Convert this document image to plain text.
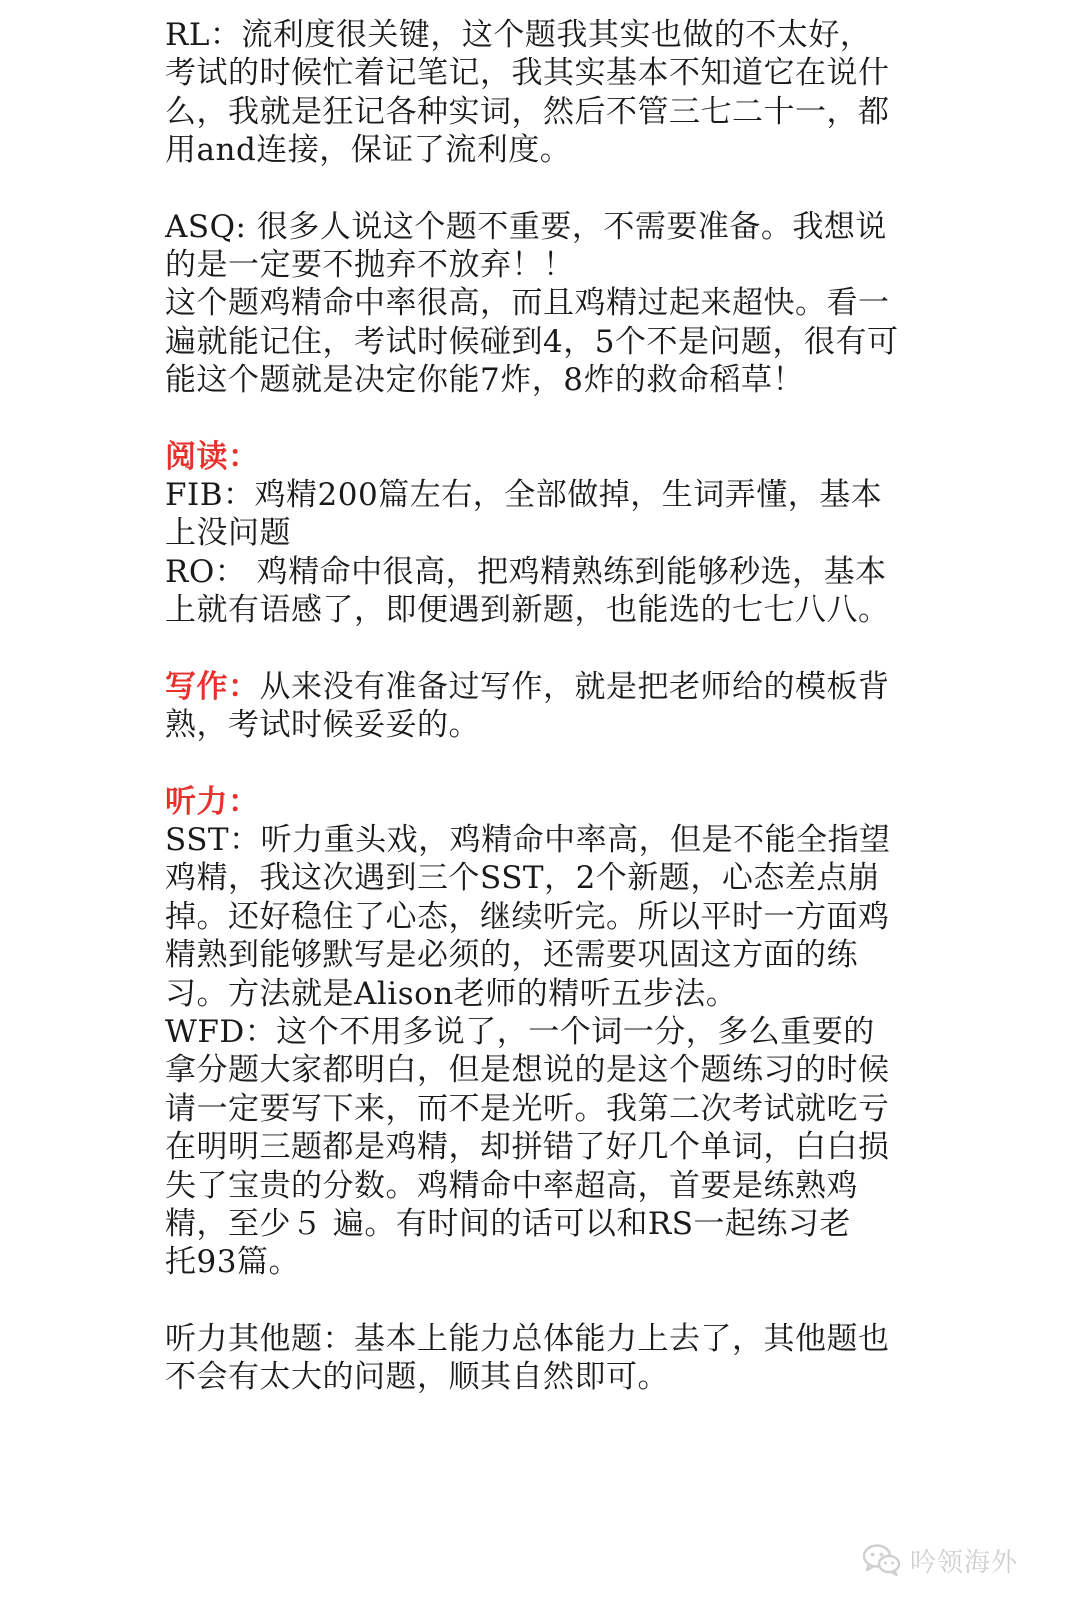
RL：流利度很关键，这个题我其实也做的不太好，
考试的时候忙着记笔记，我其实基本不知道它在说什
么，我就是狂记各种实词，然后不管三七二十一，都
用and连接，保证了流利度。
ASQ: 很多人说这个题不重要，不需要准备。我想说
的是一定要不抛弃不放弃！！
这个题鸡精命中率很高，而且鸡精过起来超快。看一
遍就能记住，考试时候碰到4，5个不是问题，很有可
能这个题就是决定你能7炸，8炸的救命稻草！
阅读：
FIB：鸡精200篇左右，全部做掉，生词弄懂，基本
上没问题
RO： 鸡精命中很高，把鸡精熟练到能够秒选，基本
上就有语感了，即便遇到新题，也能选的七七八八。
写作：从来没有准备过写作，就是把老师给的模板背
熟，考试时候妥妥的。
听力：
SST：听力重头戏，鸡精命中率高，但是不能全指望
鸡精，我这次遇到三个SST，2个新题，心态差点崩
掉。还好稳住了心态，继续听完。所以平时一方面鸡
精熟到能够默写是必须的，还需要巩固这方面的练
习。方法就是Alison老师的精听五步法。
WFD：这个不用多说了，一个词一分，多么重要的
拿分题大家都明白，但是想说的是这个题练习的时候
请一定要写下来，而不是光听。我第二次考试就吃亏
在明明三题都是鸡精，却拼错了好几个单词，白白损
失了宝贵的分数。鸡精命中率超高，首要是练熟鸡
精，至少５ 遍。有时间的话可以和RS一起练习老
托93篇。
听力其他题：基本上能力总体能力上去了，其他题也
不会有太大的问题，顺其自然即可。
吟领海外
